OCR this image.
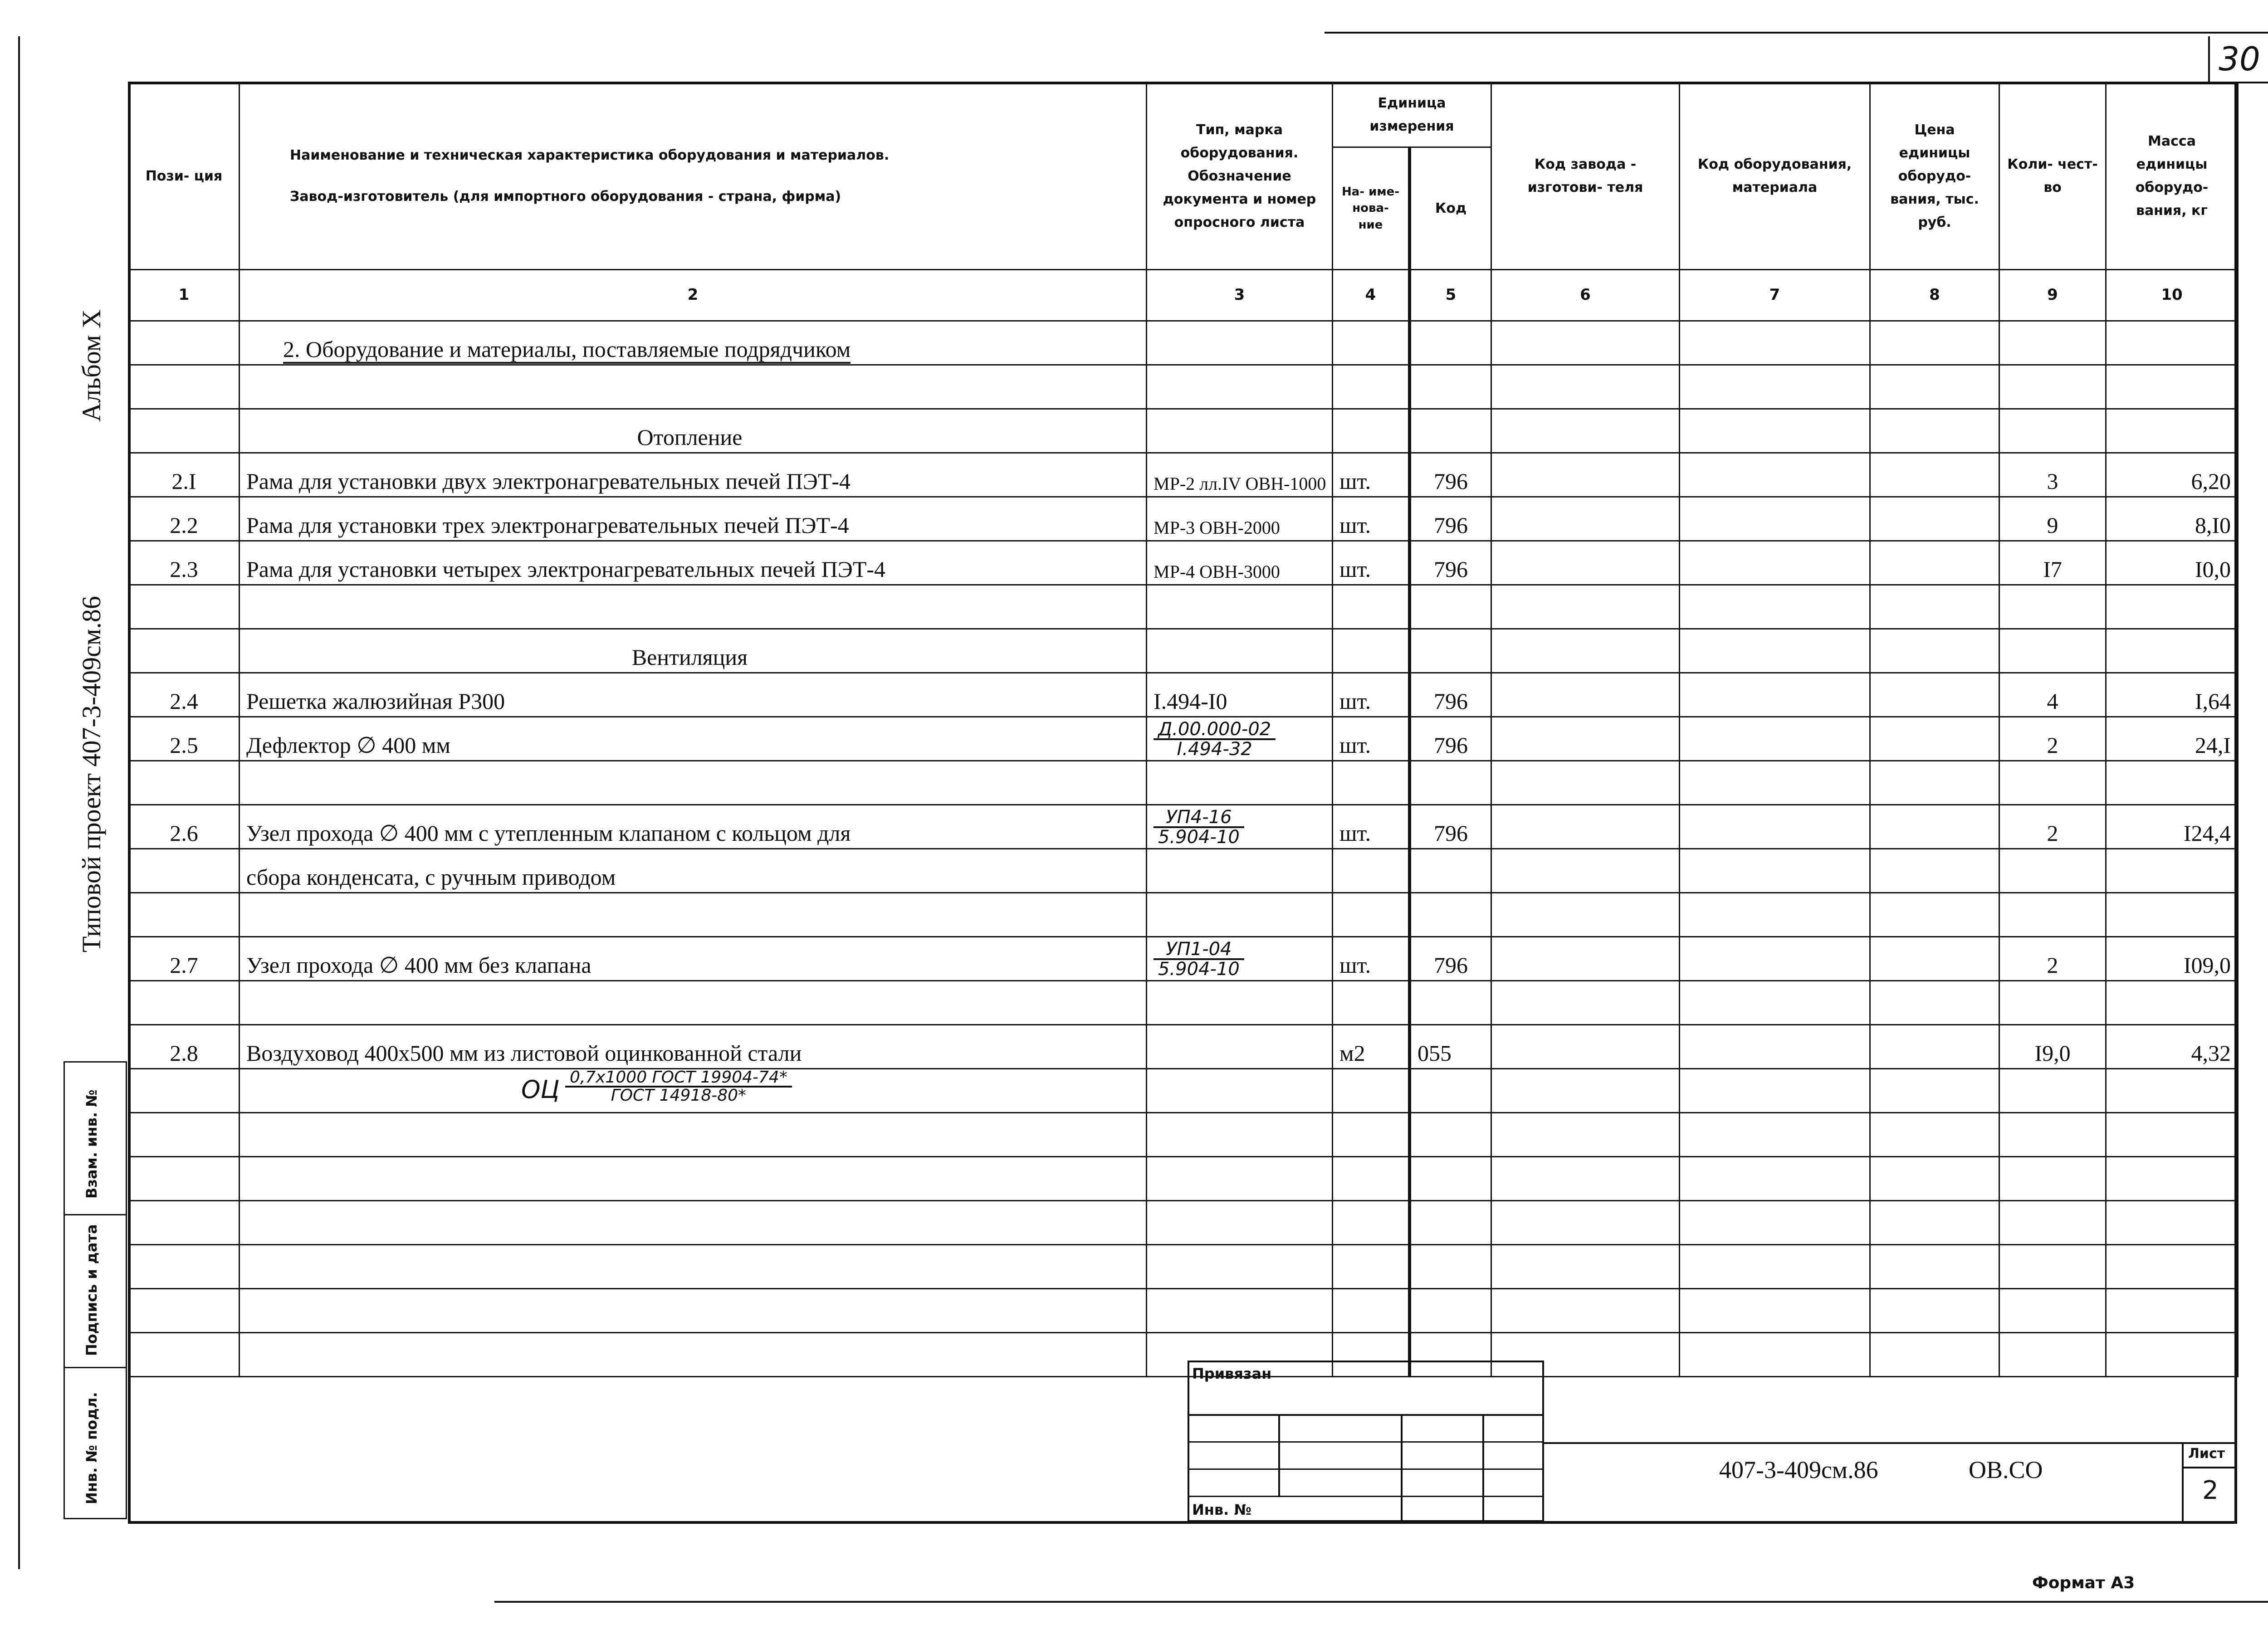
30
Альбом X
Типовой проект 407-3-409см.86
Взам. инв. №
Подпись и дата
Инв. № подл.
Пози- ция	Наименование и техническая характеристика оборудования и материалов.
Завод-изготовитель (для импортного оборудования - страна, фирма)	Тип, марка оборудования. Обозначение документа и номер опросного листа	Единица измерения		Код завода - изготови- теля	Код оборудования, материала	Цена единицы оборудо- вания, тыс. руб.	Коли- чест- во	Масса единицы оборудо- вания, кг
			На- име- нова- ние	Код					
1	2	3	4	5	6	7	8	9	10
	2. Оборудование и материалы, поставляемые подрядчиком								

	Отопление								
2.I	Рама для установки двух электронагревательных печей ПЭТ-4	МР-2 лл.IV ОВН-1000	шт.	796				3	6,20
2.2	Рама для установки трех электронагревательных печей ПЭТ-4	МР-3 ОВН-2000	шт.	796				9	8,I0
2.3	Рама для установки четырех электронагревательных печей ПЭТ-4	МР-4 ОВН-3000	шт.	796				I7	I0,0

	Вентиляция								
2.4	Решетка жалюзийная Р300	I.494-I0	шт.	796				4	I,64
2.5	Дефлектор ∅ 400 мм	$\frac{Д.00.000-02}{I.494-32}$	шт.	796				2	24,I

2.6	Узел прохода ∅ 400 мм с утепленным клапаном с кольцом для	$\frac{УП4-16}{5.904-10}$	шт.	796				2	I24,4
	сбора конденсата, с ручным приводом								

2.7	Узел прохода ∅ 400 мм без клапана	$\frac{УП1-04}{5.904-10}$	шт.	796				2	I09,0

2.8	Воздуховод 400х500 мм из листовой оцинкованной стали		м2	055				I9,0	4,32
	ОЦ $\frac{\text{0,7х1000 ГОСТ 19904-74*}}{\text{ГОСТ 14918-80*}}$

Привязан
Инв. №
407-3-409см.86	ОВ.СО
Лист
2
Формат А3
